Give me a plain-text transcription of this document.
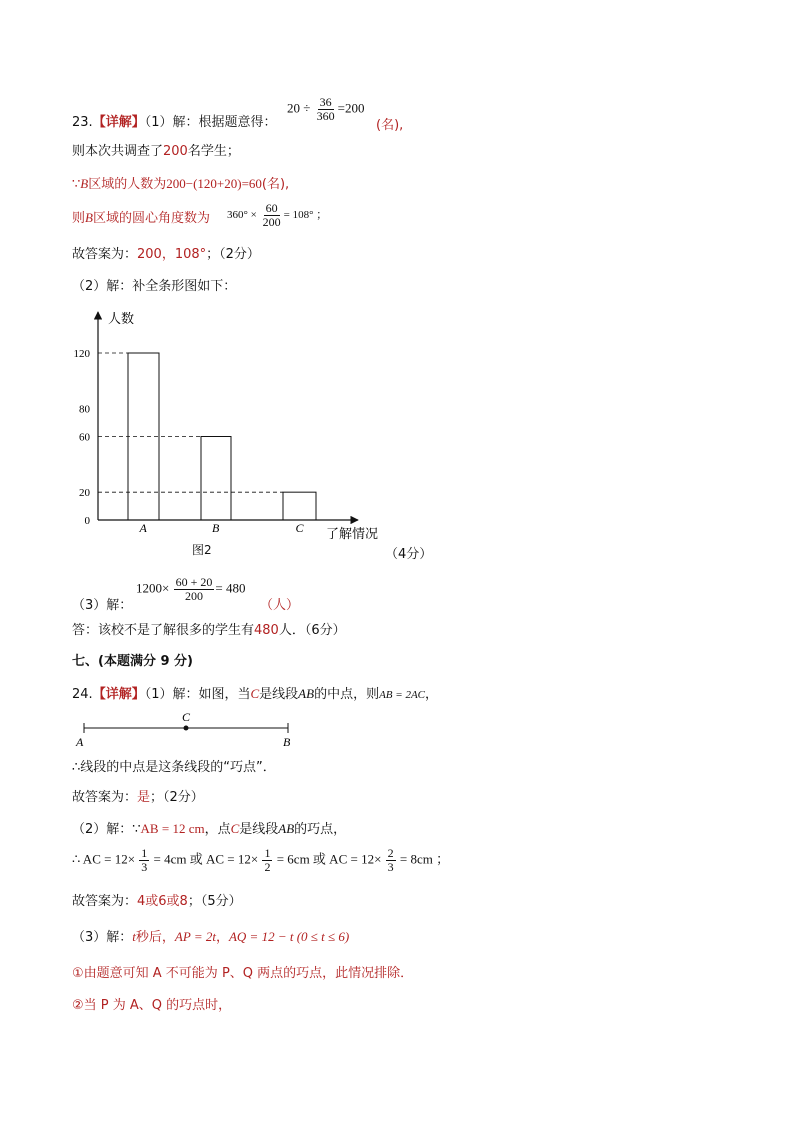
23.【详解】（1）解：根据题意得：
$20 \div \frac{36}{360} =200$
(名),
则本次共调查了200名学生；
∵B区域的人数为200−(120+20)=60(名),
则B区域的圆心角度数为 $360^\circ \times \frac{60}{200} = 108^\circ$ ；
故答案为：200，108°；（2分）
（2）解：补全条形图如下：
人数
了解情况
0
20
60
80
120
A	B	C
图2	（4分）
（3）解：
$1200\times \frac{60 + 20}{200} = 480$
（人）
答：该校不是了解很多的学生有480人．（6分）
七、(本题满分 9 分)
24.【详解】（1）解：如图，当C是线段AB的中点，则AB = 2AC，
A	B
C
∴线段的中点是这条线段的“巧点”．
故答案为：是；（2分）
（2）解：∵AB = 12 cm，点C是线段AB的巧点，
∴ AC = $12\times \frac{1}{3} = 4cm$ 或 AC = $12\times \frac{1}{2} = 6cm$ 或 AC = $12\times \frac{2}{3} = 8cm$ ；
故答案为：4或6或8；（5分）
（3）解：t秒后，AP = 2t，AQ = 12 − t (0 ≤ t ≤ 6)
①由题意可知 A 不可能为 P、Q 两点的巧点，此情况排除．
②当 P 为 A、Q 的巧点时，
